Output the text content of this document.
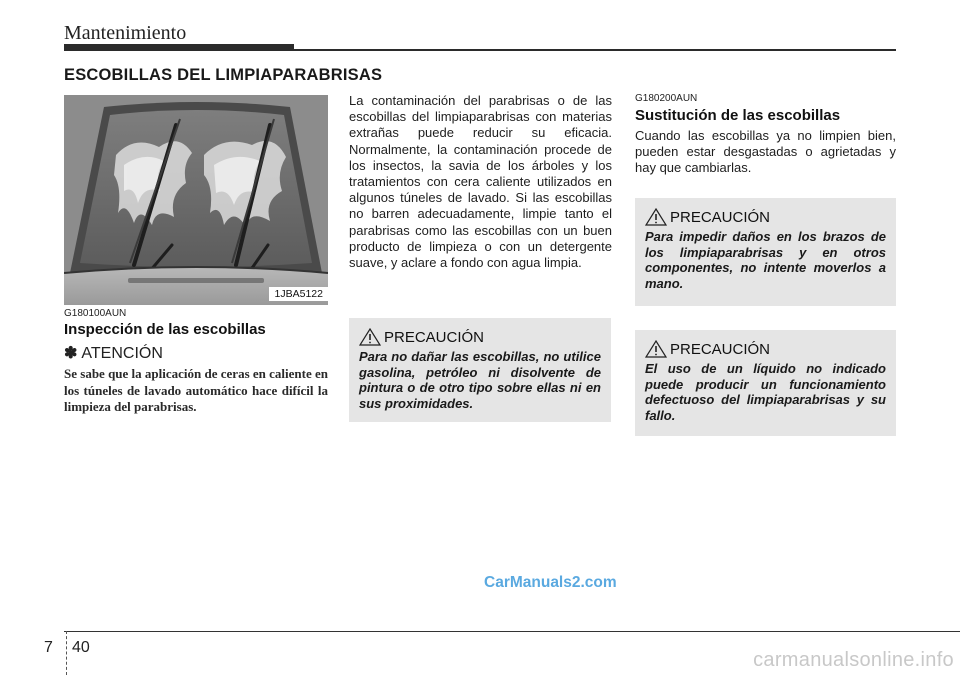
Mantenimiento
ESCOBILLAS DEL LIMPIAPARABRISAS
1JBA5122
G180100AUN
Inspección de las escobillas
✽ ATENCIÓN
Se sabe que la aplicación de ceras en caliente en los túneles de lavado automático hace difícil la limpieza del parabrisas.
La contaminación del parabrisas o de las escobillas del limpiaparabrisas con materias extrañas puede reducir su eficacia. Normalmente, la contaminación procede de los insectos, la savia de los árboles y los tratamientos con cera caliente utilizados en algunos túneles de lavado. Si las escobillas no barren adecuadamente, limpie tanto el parabrisas como las escobillas con un buen producto de limpieza o con un detergente suave, y aclare a fondo con agua limpia.
PRECAUCIÓN
Para no dañar las escobillas, no utilice gasolina, petróleo ni disolvente de pintura o de otro tipo sobre ellas ni en sus proximidades.
G180200AUN
Sustitución de las escobillas
Cuando las escobillas ya no limpien bien, pueden estar desgastadas o agrietadas y hay que cambiarlas.
PRECAUCIÓN
Para impedir daños en los brazos de los limpiaparabrisas y en otros componentes, no intente moverlos a mano.
PRECAUCIÓN
El uso de un líquido no indicado puede producir un funcionamiento defectuoso del limpiaparabrisas y su fallo.
CarManuals2.com
7 40
carmanualsonline.info
